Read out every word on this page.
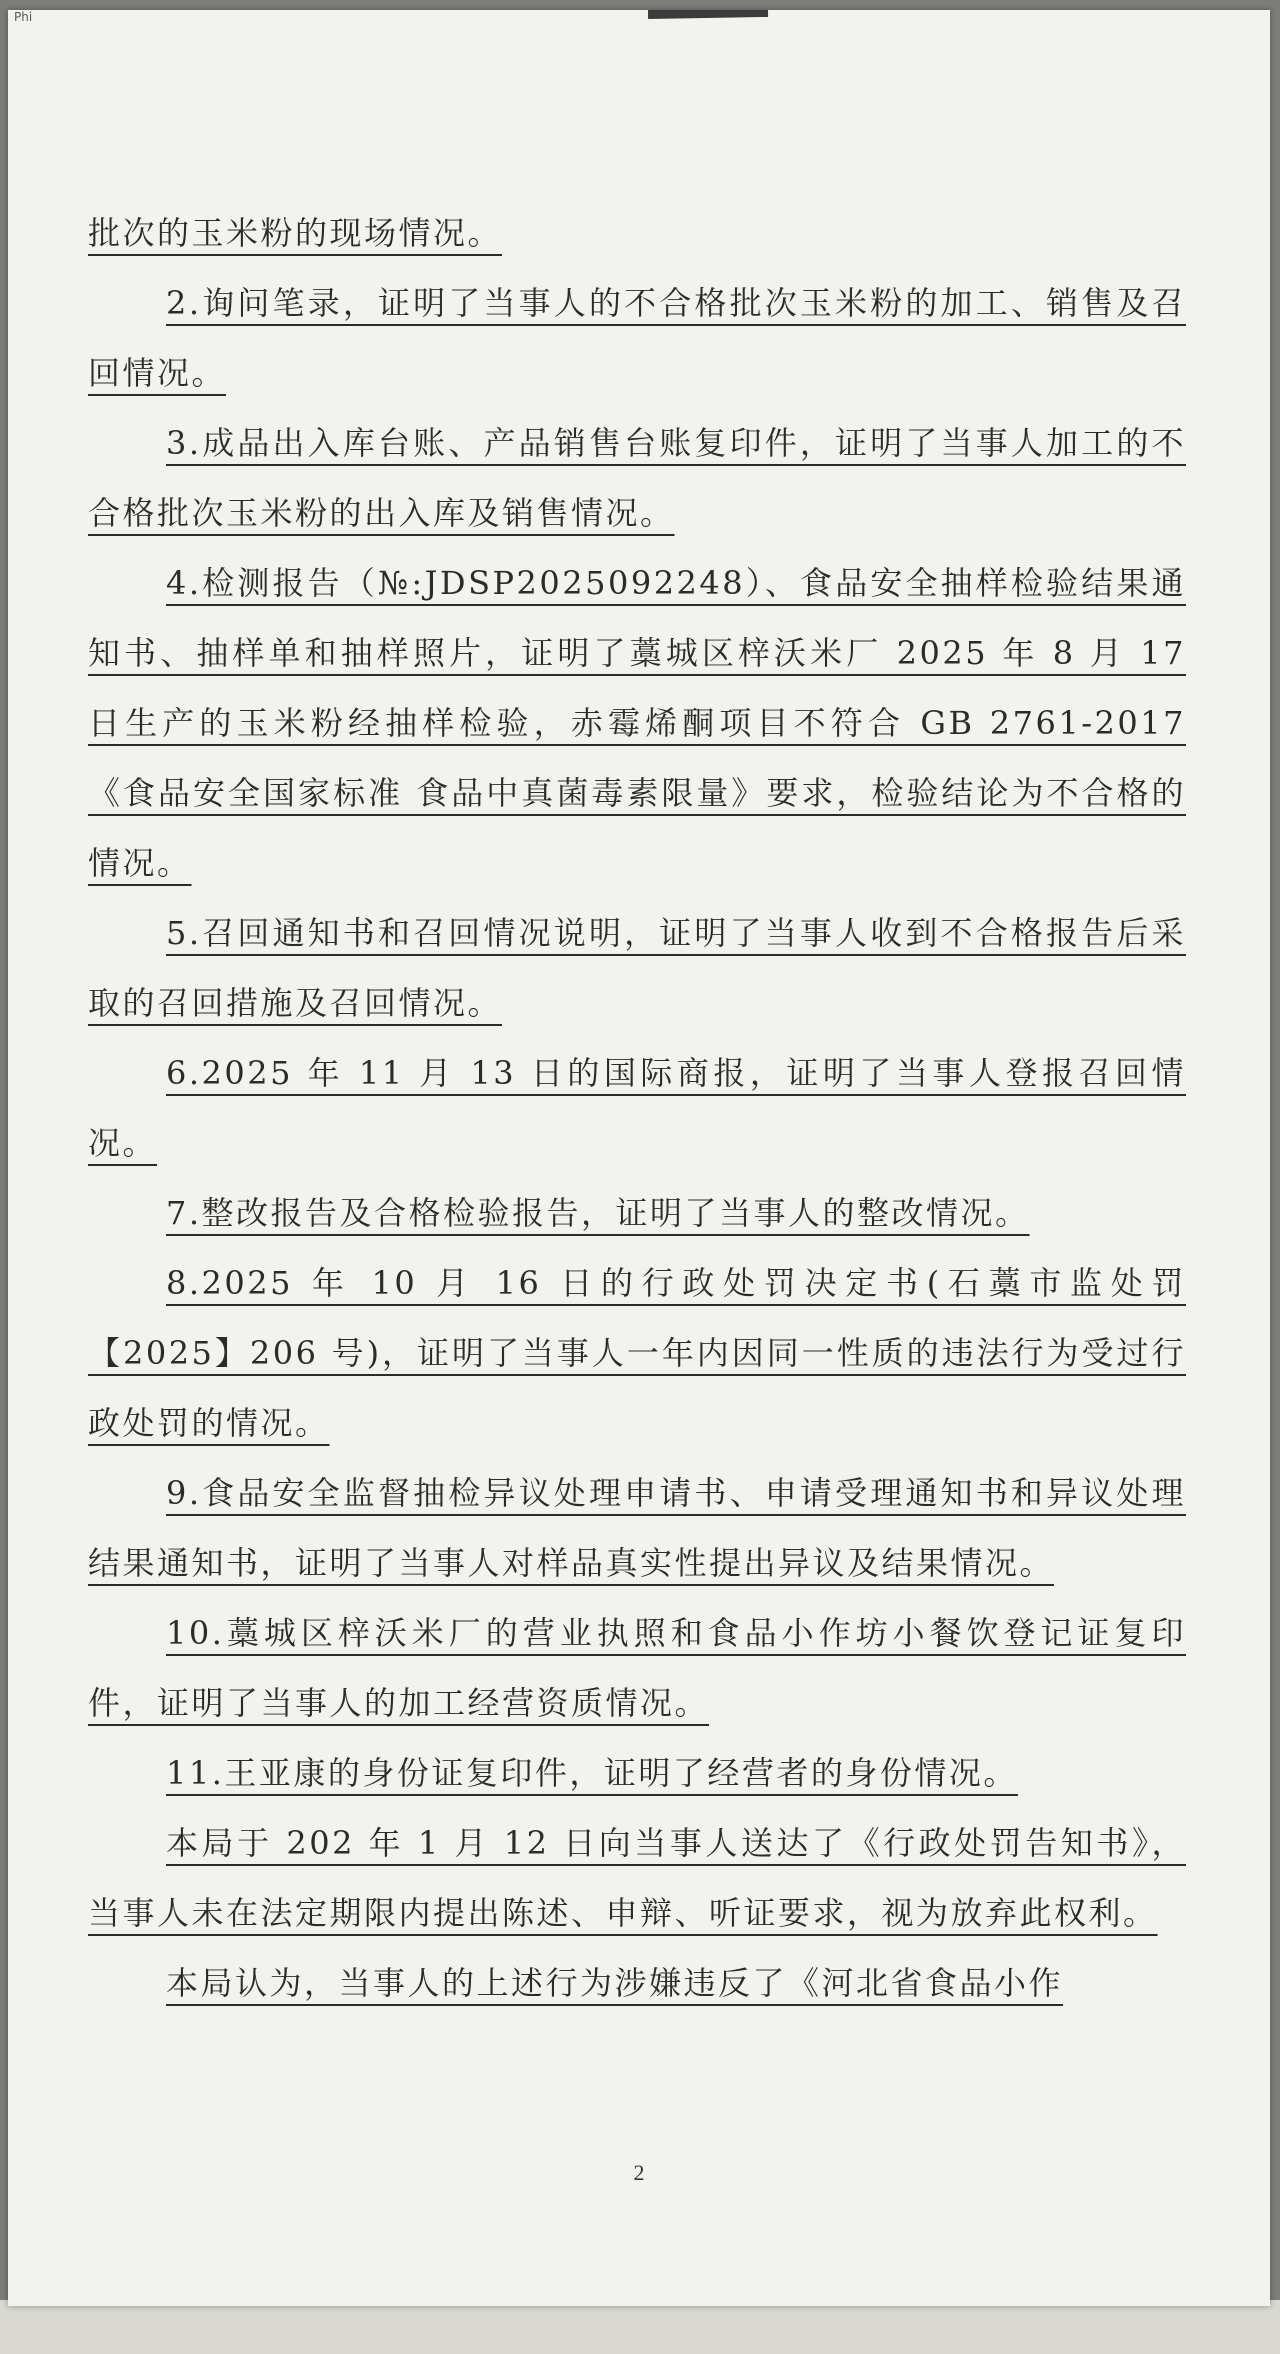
Phi

批次的玉米粉的现场情况。

2.询问笔录，证明了当事人的不合格批次玉米粉的加工、销售及召回情况。

3.成品出入库台账、产品销售台账复印件，证明了当事人加工的不合格批次玉米粉的出入库及销售情况。

4.检测报告（№:JDSP2025092248）、食品安全抽样检验结果通知书、抽样单和抽样照片，证明了藁城区梓沃米厂 2025 年 8 月 17 日生产的玉米粉经抽样检验，赤霉烯酮项目不符合 GB 2761-2017《食品安全国家标准 食品中真菌毒素限量》要求，检验结论为不合格的情况。

5.召回通知书和召回情况说明，证明了当事人收到不合格报告后采取的召回措施及召回情况。

6.2025 年 11 月 13 日的国际商报，证明了当事人登报召回情况。

7.整改报告及合格检验报告，证明了当事人的整改情况。

8.2025 年 10 月 16 日的行政处罚决定书(石藁市监处罚【2025】206 号)，证明了当事人一年内因同一性质的违法行为受过行政处罚的情况。

9.食品安全监督抽检异议处理申请书、申请受理通知书和异议处理结果通知书，证明了当事人对样品真实性提出异议及结果情况。

10.藁城区梓沃米厂的营业执照和食品小作坊小餐饮登记证复印件，证明了当事人的加工经营资质情况。

11.王亚康的身份证复印件，证明了经营者的身份情况。

本局于 202 年 1 月 12 日向当事人送达了《行政处罚告知书》，当事人未在法定期限内提出陈述、申辩、听证要求，视为放弃此权利。

本局认为，当事人的上述行为涉嫌违反了《河北省食品小作

2
